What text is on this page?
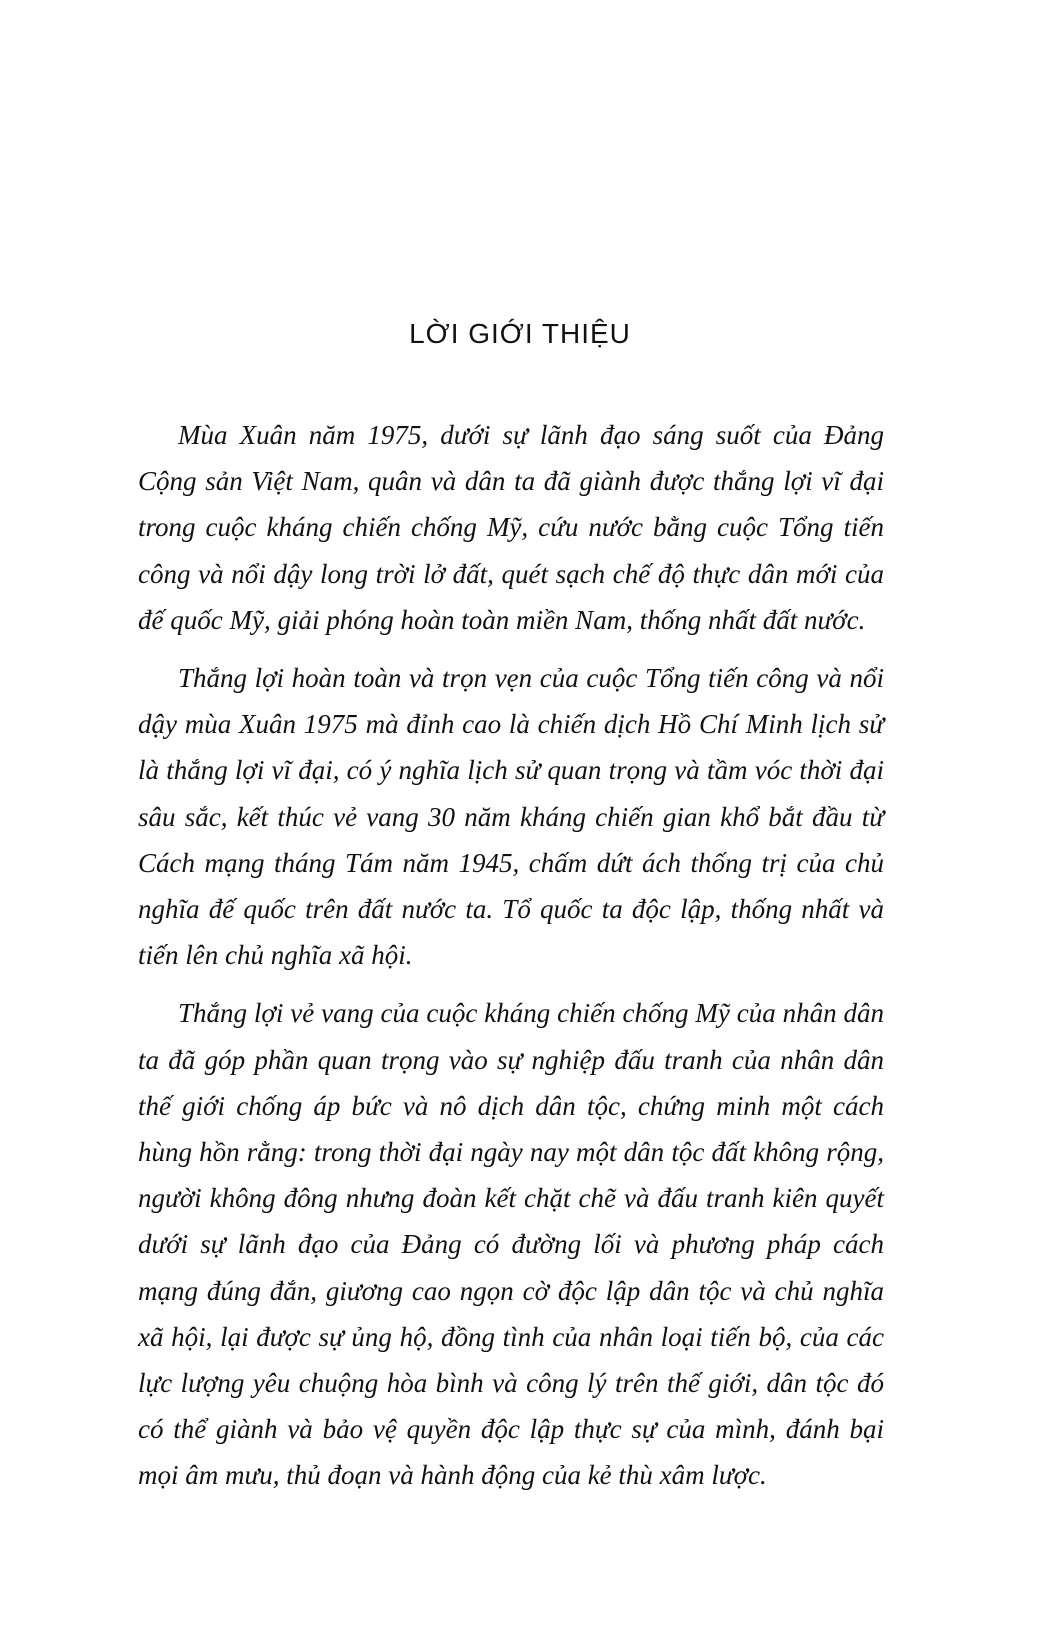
LỜI GIỚI THIỆU

Mùa Xuân năm 1975, dưới sự lãnh đạo sáng suốt của Đảng Cộng sản Việt Nam, quân và dân ta đã giành được thắng lợi vĩ đại trong cuộc kháng chiến chống Mỹ, cứu nước bằng cuộc Tổng tiến công và nổi dậy long trời lở đất, quét sạch chế độ thực dân mới của đế quốc Mỹ, giải phóng hoàn toàn miền Nam, thống nhất đất nước.

Thắng lợi hoàn toàn và trọn vẹn của cuộc Tổng tiến công và nổi dậy mùa Xuân 1975 mà đỉnh cao là chiến dịch Hồ Chí Minh lịch sử là thắng lợi vĩ đại, có ý nghĩa lịch sử quan trọng và tầm vóc thời đại sâu sắc, kết thúc vẻ vang 30 năm kháng chiến gian khổ bắt đầu từ Cách mạng tháng Tám năm 1945, chấm dứt ách thống trị của chủ nghĩa đế quốc trên đất nước ta. Tổ quốc ta độc lập, thống nhất và tiến lên chủ nghĩa xã hội.

Thắng lợi vẻ vang của cuộc kháng chiến chống Mỹ của nhân dân ta đã góp phần quan trọng vào sự nghiệp đấu tranh của nhân dân thế giới chống áp bức và nô dịch dân tộc, chứng minh một cách hùng hồn rằng: trong thời đại ngày nay một dân tộc đất không rộng, người không đông nhưng đoàn kết chặt chẽ và đấu tranh kiên quyết dưới sự lãnh đạo của Đảng có đường lối và phương pháp cách mạng đúng đắn, giương cao ngọn cờ độc lập dân tộc và chủ nghĩa xã hội, lại được sự ủng hộ, đồng tình của nhân loại tiến bộ, của các lực lượng yêu chuộng hòa bình và công lý trên thế giới, dân tộc đó có thể giành và bảo vệ quyền độc lập thực sự của mình, đánh bại mọi âm mưu, thủ đoạn và hành động của kẻ thù xâm lược.
